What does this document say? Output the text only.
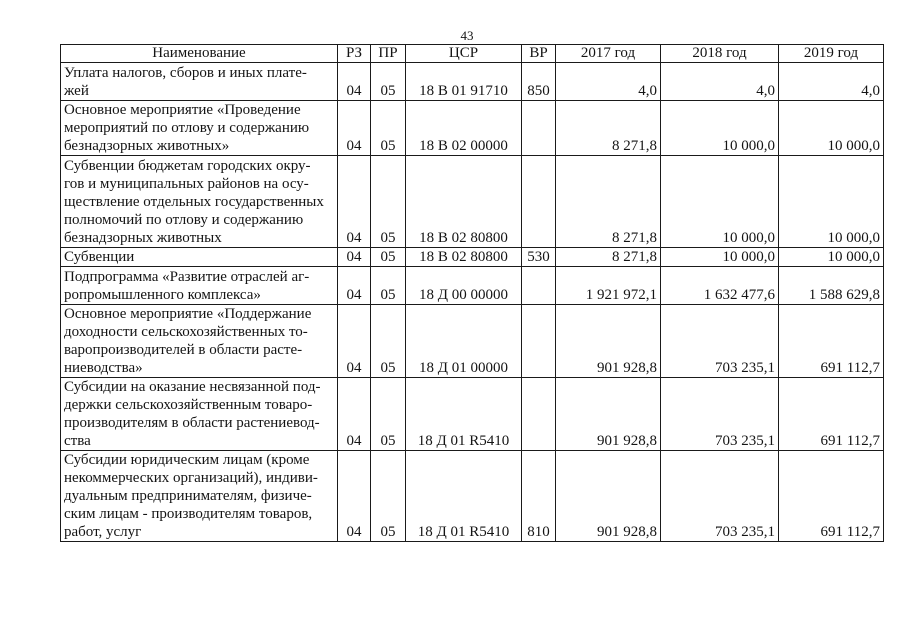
43
Наименование	РЗ	ПР	ЦСР	ВР	2017 год	2018 год	2019 год

Уплата налогов, сборов и иных плате-
жей	04	05	18 В 01 91710	850	4,0	4,0	4,0

Основное мероприятие «Проведение
мероприятий по отлову и содержанию
безнадзорных животных»	04	05	18 В 02 00000		8 271,8	10 000,0	10 000,0

Субвенции бюджетам городских окру-
гов и муниципальных районов на осу-
ществление отдельных государственных
полномочий по отлову и содержанию
безнадзорных животных	04	05	18 В 02 80800		8 271,8	10 000,0	10 000,0

Субвенции	04	05	18 В 02 80800	530	8 271,8	10 000,0	10 000,0

Подпрограмма «Развитие отраслей аг-
ропромышленного комплекса»	04	05	18 Д 00 00000		1 921 972,1	1 632 477,6	1 588 629,8

Основное мероприятие «Поддержание
доходности сельскохозяйственных то-
варопроизводителей в области расте-
ниеводства»	04	05	18 Д 01 00000		901 928,8	703 235,1	691 112,7

Субсидии на оказание несвязанной под-
держки сельскохозяйственным товаро-
производителям в области растениевод-
ства	04	05	18 Д 01 R5410		901 928,8	703 235,1	691 112,7

Субсидии юридическим лицам (кроме
некоммерческих организаций), индиви-
дуальным предпринимателям, физиче-
ским лицам - производителям товаров,
работ, услуг	04	05	18 Д 01 R5410	810	901 928,8	703 235,1	691 112,7
